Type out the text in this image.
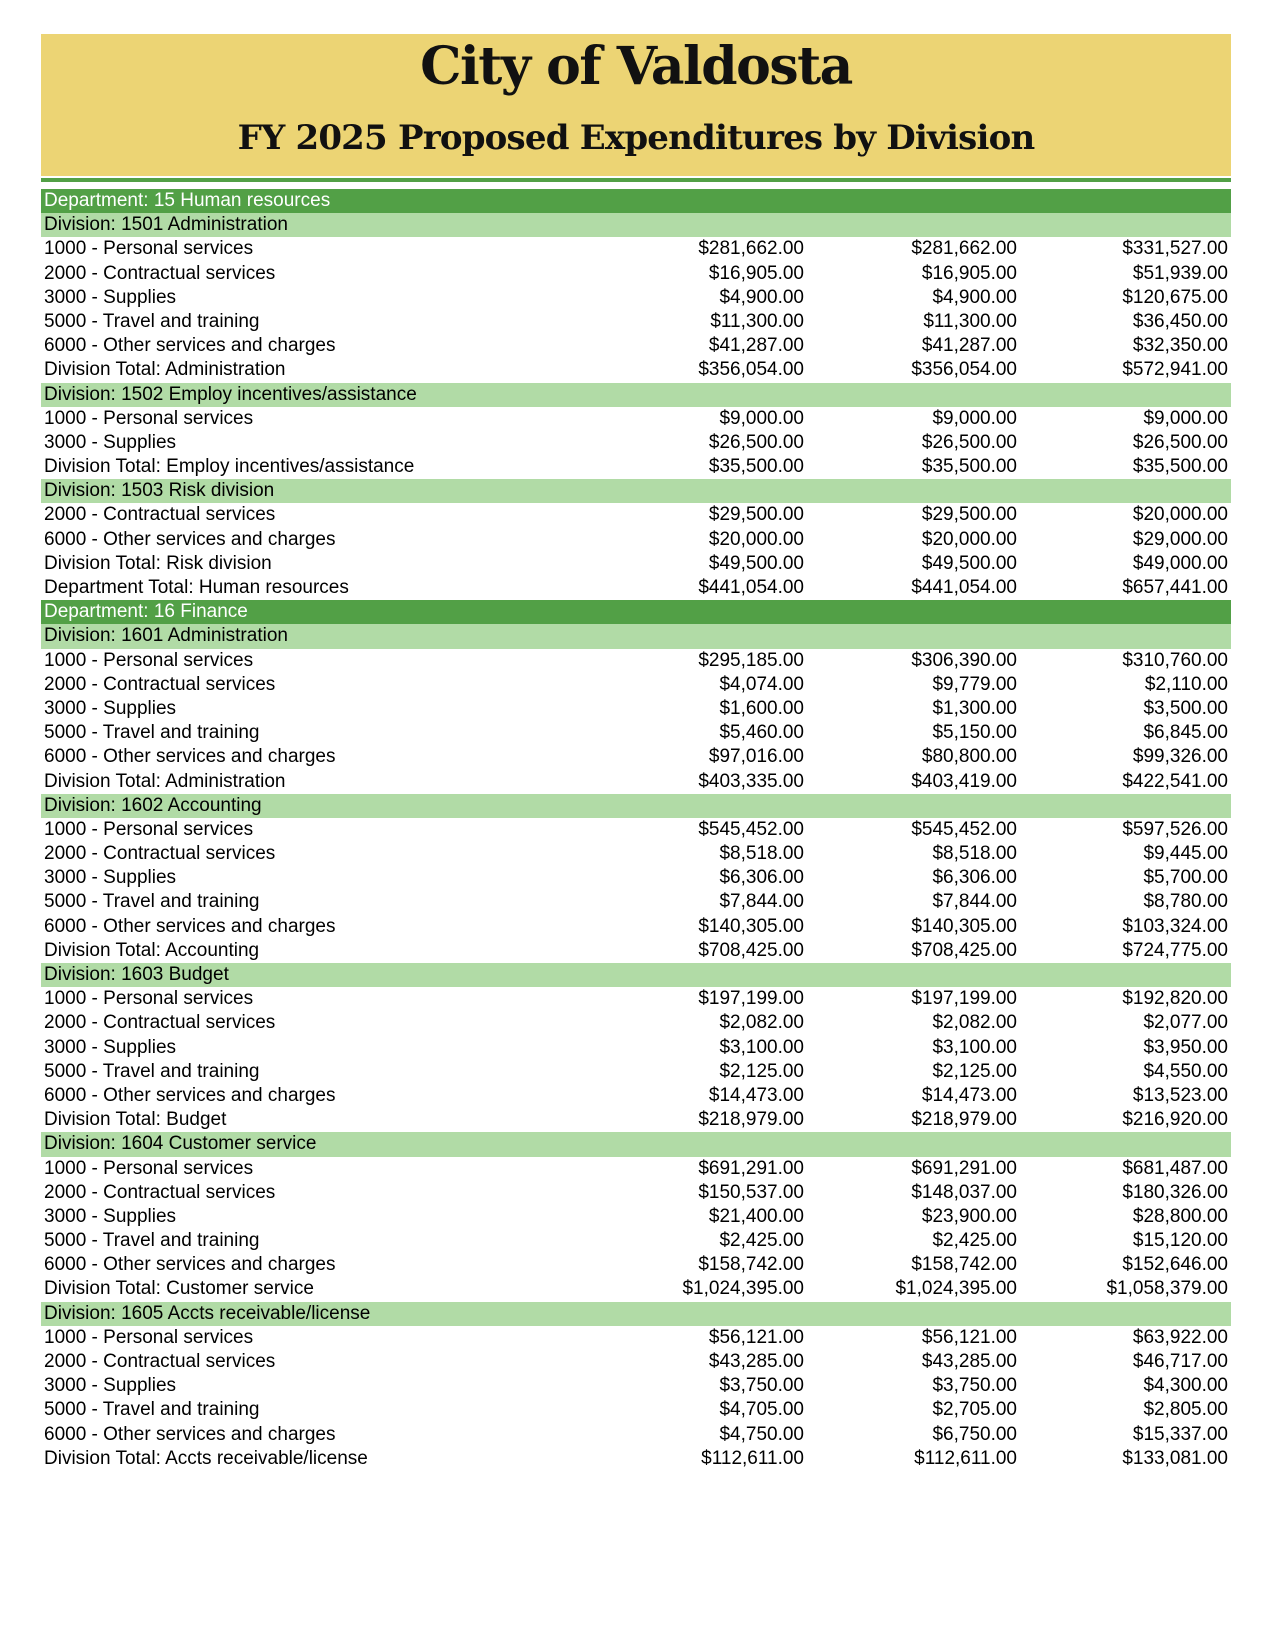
City of Valdosta
FY 2025 Proposed Expenditures by Division
Department: 15 Human resources
Division: 1501 Administration
1000 - Personal services	$281,662.00	$281,662.00	$331,527.00
2000 - Contractual services	$16,905.00	$16,905.00	$51,939.00
3000 - Supplies	$4,900.00	$4,900.00	$120,675.00
5000 - Travel and training	$11,300.00	$11,300.00	$36,450.00
6000 - Other services and charges	$41,287.00	$41,287.00	$32,350.00
Division Total: Administration	$356,054.00	$356,054.00	$572,941.00
Division: 1502 Employ incentives/assistance
1000 - Personal services	$9,000.00	$9,000.00	$9,000.00
3000 - Supplies	$26,500.00	$26,500.00	$26,500.00
Division Total: Employ incentives/assistance	$35,500.00	$35,500.00	$35,500.00
Division: 1503 Risk division
2000 - Contractual services	$29,500.00	$29,500.00	$20,000.00
6000 - Other services and charges	$20,000.00	$20,000.00	$29,000.00
Division Total: Risk division	$49,500.00	$49,500.00	$49,000.00
Department Total: Human resources	$441,054.00	$441,054.00	$657,441.00
Department: 16 Finance
Division: 1601 Administration
1000 - Personal services	$295,185.00	$306,390.00	$310,760.00
2000 - Contractual services	$4,074.00	$9,779.00	$2,110.00
3000 - Supplies	$1,600.00	$1,300.00	$3,500.00
5000 - Travel and training	$5,460.00	$5,150.00	$6,845.00
6000 - Other services and charges	$97,016.00	$80,800.00	$99,326.00
Division Total: Administration	$403,335.00	$403,419.00	$422,541.00
Division: 1602 Accounting
1000 - Personal services	$545,452.00	$545,452.00	$597,526.00
2000 - Contractual services	$8,518.00	$8,518.00	$9,445.00
3000 - Supplies	$6,306.00	$6,306.00	$5,700.00
5000 - Travel and training	$7,844.00	$7,844.00	$8,780.00
6000 - Other services and charges	$140,305.00	$140,305.00	$103,324.00
Division Total: Accounting	$708,425.00	$708,425.00	$724,775.00
Division: 1603 Budget
1000 - Personal services	$197,199.00	$197,199.00	$192,820.00
2000 - Contractual services	$2,082.00	$2,082.00	$2,077.00
3000 - Supplies	$3,100.00	$3,100.00	$3,950.00
5000 - Travel and training	$2,125.00	$2,125.00	$4,550.00
6000 - Other services and charges	$14,473.00	$14,473.00	$13,523.00
Division Total: Budget	$218,979.00	$218,979.00	$216,920.00
Division: 1604 Customer service
1000 - Personal services	$691,291.00	$691,291.00	$681,487.00
2000 - Contractual services	$150,537.00	$148,037.00	$180,326.00
3000 - Supplies	$21,400.00	$23,900.00	$28,800.00
5000 - Travel and training	$2,425.00	$2,425.00	$15,120.00
6000 - Other services and charges	$158,742.00	$158,742.00	$152,646.00
Division Total: Customer service	$1,024,395.00	$1,024,395.00	$1,058,379.00
Division: 1605 Accts receivable/license
1000 - Personal services	$56,121.00	$56,121.00	$63,922.00
2000 - Contractual services	$43,285.00	$43,285.00	$46,717.00
3000 - Supplies	$3,750.00	$3,750.00	$4,300.00
5000 - Travel and training	$4,705.00	$2,705.00	$2,805.00
6000 - Other services and charges	$4,750.00	$6,750.00	$15,337.00
Division Total: Accts receivable/license	$112,611.00	$112,611.00	$133,081.00
